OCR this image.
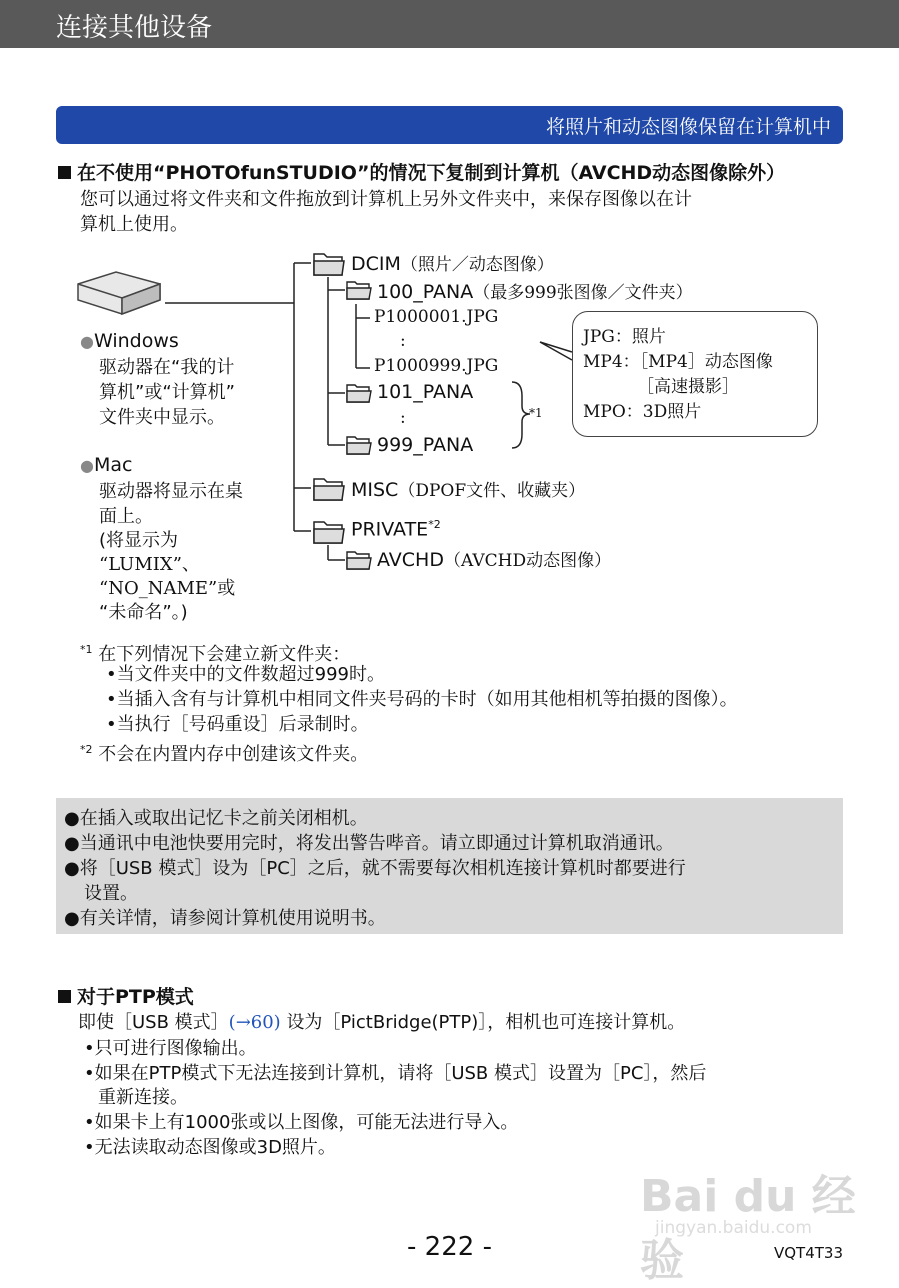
连接其他设备
将照片和动态图像保留在计算机中
在不使用“PHOTOfunSTUDIO”的情况下复制到计算机（AVCHD动态图像除外）
您可以通过将文件夹和文件拖放到计算机上另外文件夹中，来保存图像以在计
算机上使用。
DCIM（照片／动态图像）
100_PANA（最多999张图像／文件夹）
P1000001.JPG
:
P1000999.JPG
101_PANA
:
999_PANA
*1
MISC（DPOF文件、收藏夹）
PRIVATE$^{*2}$
AVCHD（AVCHD动态图像）
JPG：照片
MP4：［MP4］动态图像
［高速摄影］
MPO：3D照片
●Windows
驱动器在“我的计
算机”或“计算机”
文件夹中显示。
●Mac
驱动器将显示在桌
面上。
(将显示为
“LUMIX”、
“NO_NAME”或
“未命名”。)
$^{*1}$ 在下列情况下会建立新文件夹：
•当文件夹中的文件数超过999时。
•当插入含有与计算机中相同文件夹号码的卡时（如用其他相机等拍摄的图像）。
•当执行［号码重设］后录制时。
$^{*2}$ 不会在内置内存中创建该文件夹。
●在插入或取出记忆卡之前关闭相机。
●当通讯中电池快要用完时，将发出警告哔音。请立即通过计算机取消通讯。
●将［USB 模式］设为［PC］之后，就不需要每次相机连接计算机时都要进行
设置。
●有关详情，请参阅计算机使用说明书。
对于PTP模式
即使［USB 模式］(→60) 设为［PictBridge(PTP)］，相机也可连接计算机。
•只可进行图像输出。
•如果在PTP模式下无法连接到计算机，请将［USB 模式］设置为［PC］，然后
重新连接。
•如果卡上有1000张或以上图像，可能无法进行导入。
•无法读取动态图像或3D照片。
Bai du 经验
jingyan.baidu.com
- 222 -	VQT4T33
